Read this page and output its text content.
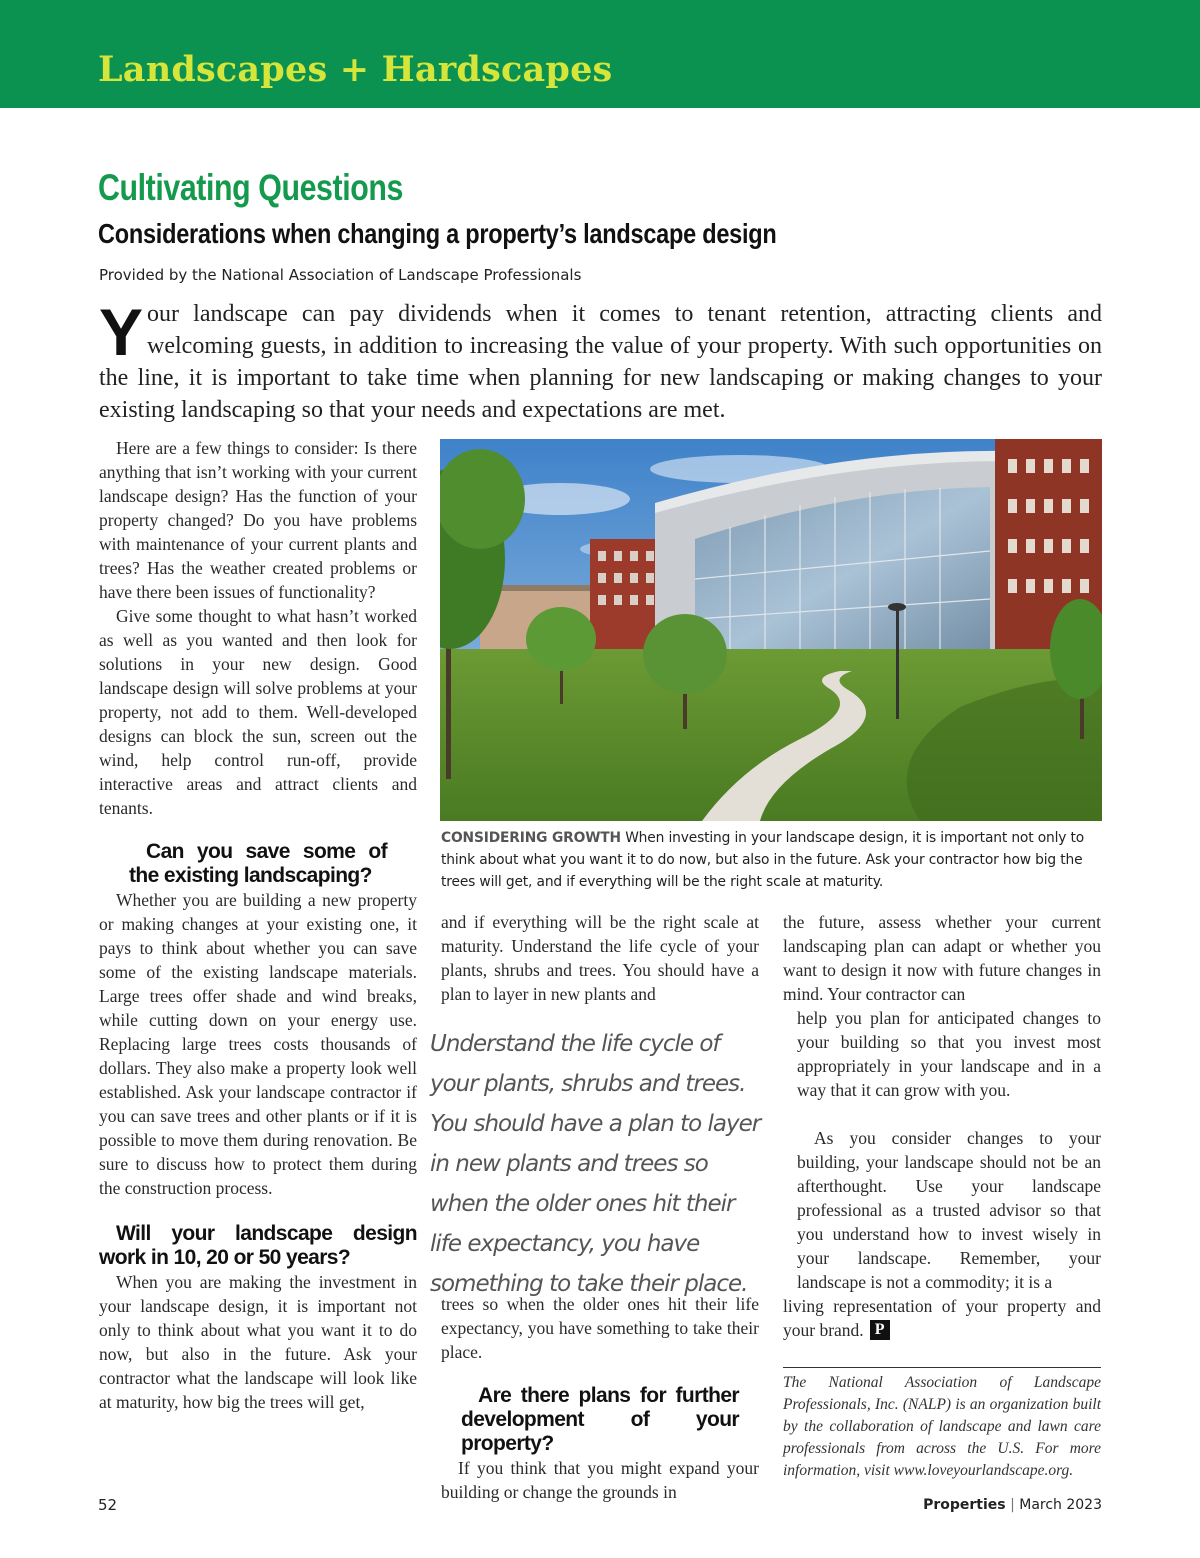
Landscapes + Hardscapes
Cultivating Questions
Considerations when changing a property’s landscape design

Provided by the National Association of Landscape Professionals

Your landscape can pay dividends when it comes to tenant retention, attracting clients and welcoming guests, in addition to increasing the value of your property. With such opportunities on the line, it is important to take time when planning for new landscaping or making changes to your existing landscaping so that your needs and expectations are met.

Here are a few things to consider: Is there anything that isn’t working with your current landscape design? Has the function of your property changed? Do you have problems with maintenance of your current plants and trees? Has the weather created problems or have there been issues of functionality?

Give some thought to what hasn’t worked as well as you wanted and then look for solutions in your new design. Good landscape design will solve problems at your property, not add to them. Well-developed designs can block the sun, screen out the wind, help control run-off, provide interactive areas and attract clients and tenants.

Can you save some of the existing landscaping?

Whether you are building a new property or making changes at your existing one, it pays to think about whether you can save some of the existing landscape materials. Large trees offer shade and wind breaks, while cutting down on your energy use. Replacing large trees costs thousands of dollars. They also make a property look well established. Ask your landscape contractor if you can save trees and other plants or if it is possible to move them during renovation. Be sure to discuss how to protect them during the construction process.

Will your landscape design work in 10, 20 or 50 years?

When you are making the investment in your landscape design, it is important not only to think about what you want it to do now, but also in the future. Ask your contractor what the landscape will look like at maturity, how big the trees will get,

CONSIDERING GROWTH When investing in your landscape design, it is important not only to think about what you want it to do now, but also in the future. Ask your contractor how big the trees will get, and if everything will be the right scale at maturity.

and if everything will be the right scale at maturity. Understand the life cycle of your plants, shrubs and trees. You should have a plan to layer in new plants and

Understand the life cycle of your plants, shrubs and trees. You should have a plan to layer in new plants and trees so when the older ones hit their life expectancy, you have something to take their place.

trees so when the older ones hit their life expectancy, you have something to take their place.

Are there plans for further development of your property?

If you think that you might expand your building or change the grounds in

the future, assess whether your current landscaping plan can adapt or whether you want to design it now with future changes in mind. Your contractor can

help you plan for anticipated changes to your building so that you invest most appropriately in your landscape and in a way that it can grow with you.

As you consider changes to your building, your landscape should not be an afterthought. Use your landscape professional as a trusted advisor so that you understand how to invest wisely in your landscape. Remember, your landscape is not a commodity; it is a

living representation of your property and your brand. P

The National Association of Landscape Professionals, Inc. (NALP) is an organization built by the collaboration of landscape and lawn care professionals from across the U.S. For more information, visit www.loveyourlandscape.org.

52	Properties | March 2023
